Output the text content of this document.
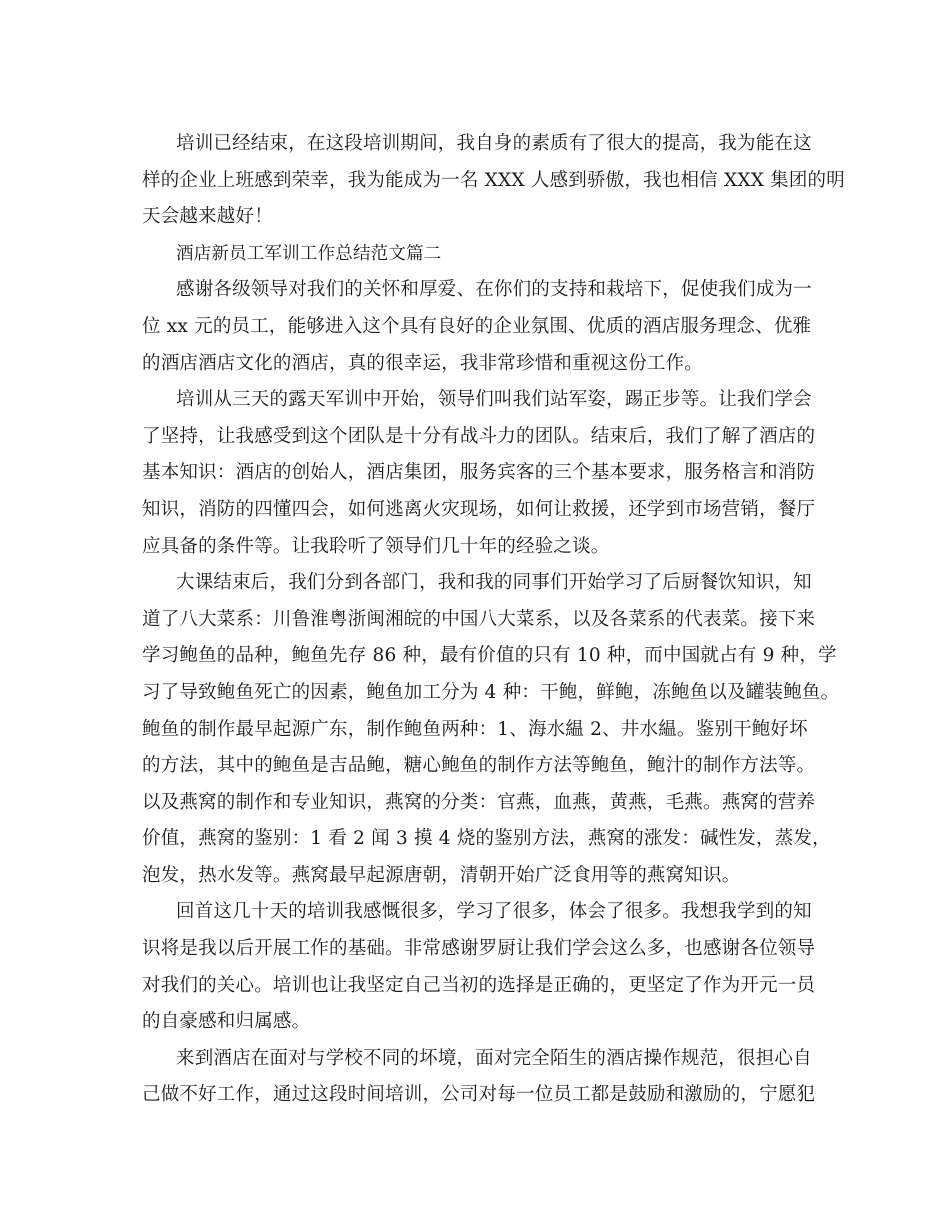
培训已经结束，在这段培训期间，我自身的素质有了很大的提高，我为能在这
样的企业上班感到荣幸，我为能成为一名 XXX 人感到骄傲，我也相信 XXX 集团的明
天会越来越好！
酒店新员工军训工作总结范文篇二
感谢各级领导对我们的关怀和厚爱、在你们的支持和栽培下，促使我们成为一
位 xx 元的员工，能够进入这个具有良好的企业氛围、优质的酒店服务理念、优雅
的酒店酒店文化的酒店，真的很幸运，我非常珍惜和重视这份工作。
培训从三天的露天军训中开始，领导们叫我们站军姿，踢正步等。让我们学会
了坚持，让我感受到这个团队是十分有战斗力的团队。结束后，我们了解了酒店的
基本知识：酒店的创始人，酒店集团，服务宾客的三个基本要求，服务格言和消防
知识，消防的四懂四会，如何逃离火灾现场，如何让救援，还学到市场营销，餐厅
应具备的条件等。让我聆听了领导们几十年的经验之谈。
大课结束后，我们分到各部门，我和我的同事们开始学习了后厨餐饮知识，知
道了八大菜系：川鲁淮粤浙闽湘皖的中国八大菜系，以及各菜系的代表菜。接下来
学习鲍鱼的品种，鲍鱼先存 86 种，最有价值的只有 10 种，而中国就占有 9 种，学
习了导致鲍鱼死亡的因素，鲍鱼加工分为 4 种：干鲍，鲜鲍，冻鲍鱼以及罐装鲍鱼。
鲍鱼的制作最早起源广东，制作鲍鱼两种：1、海水緼 2、井水緼。鉴别干鲍好坏
的方法，其中的鲍鱼是吉品鲍，糖心鲍鱼的制作方法等鲍鱼，鲍汁的制作方法等。
以及燕窝的制作和专业知识，燕窝的分类：官燕，血燕，黄燕，毛燕。燕窝的营养
价值，燕窝的鉴别：1 看 2 闻 3 摸 4 烧的鉴别方法，燕窝的涨发：碱性发，蒸发，
泡发，热水发等。燕窝最早起源唐朝，清朝开始广泛食用等的燕窝知识。
回首这几十天的培训我感慨很多，学习了很多，体会了很多。我想我学到的知
识将是我以后开展工作的基础。非常感谢罗厨让我们学会这么多，也感谢各位领导
对我们的关心。培训也让我坚定自己当初的选择是正确的，更坚定了作为开元一员
的自豪感和归属感。
来到酒店在面对与学校不同的坏境，面对完全陌生的酒店操作规范，很担心自
己做不好工作，通过这段时间培训，公司对每一位员工都是鼓励和激励的，宁愿犯
